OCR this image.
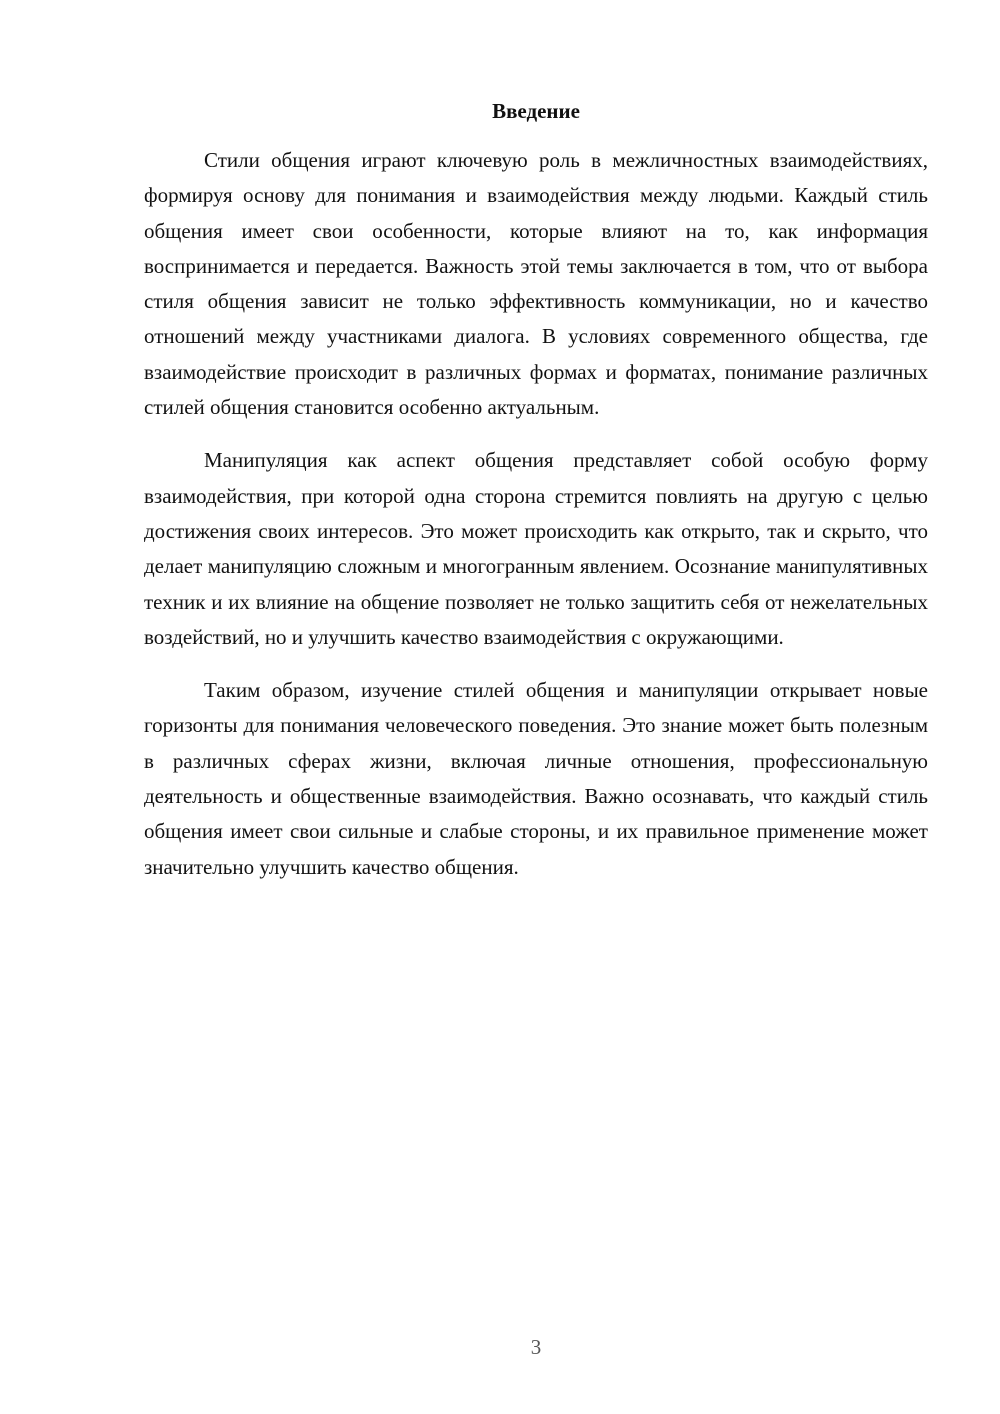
Введение

Стили общения играют ключевую роль в межличностных взаимодействиях, формируя основу для понимания и взаимодействия между людьми. Каждый стиль общения имеет свои особенности, которые влияют на то, как информация воспринимается и передается. Важность этой темы заключается в том, что от выбора стиля общения зависит не только эффективность коммуникации, но и качество отношений между участниками диалога. В условиях современного общества, где взаимодействие происходит в различных формах и форматах, понимание различных стилей общения становится особенно актуальным.

Манипуляция как аспект общения представляет собой особую форму взаимодействия, при которой одна сторона стремится повлиять на другую с целью достижения своих интересов. Это может происходить как открыто, так и скрыто, что делает манипуляцию сложным и многогранным явлением. Осознание манипулятивных техник и их влияние на общение позволяет не только защитить себя от нежелательных воздействий, но и улучшить качество взаимодействия с окружающими.

Таким образом, изучение стилей общения и манипуляции открывает новые горизонты для понимания человеческого поведения. Это знание может быть полезным в различных сферах жизни, включая личные отношения, профессиональную деятельность и общественные взаимодействия. Важно осознавать, что каждый стиль общения имеет свои сильные и слабые стороны, и их правильное применение может значительно улучшить качество общения.

3
